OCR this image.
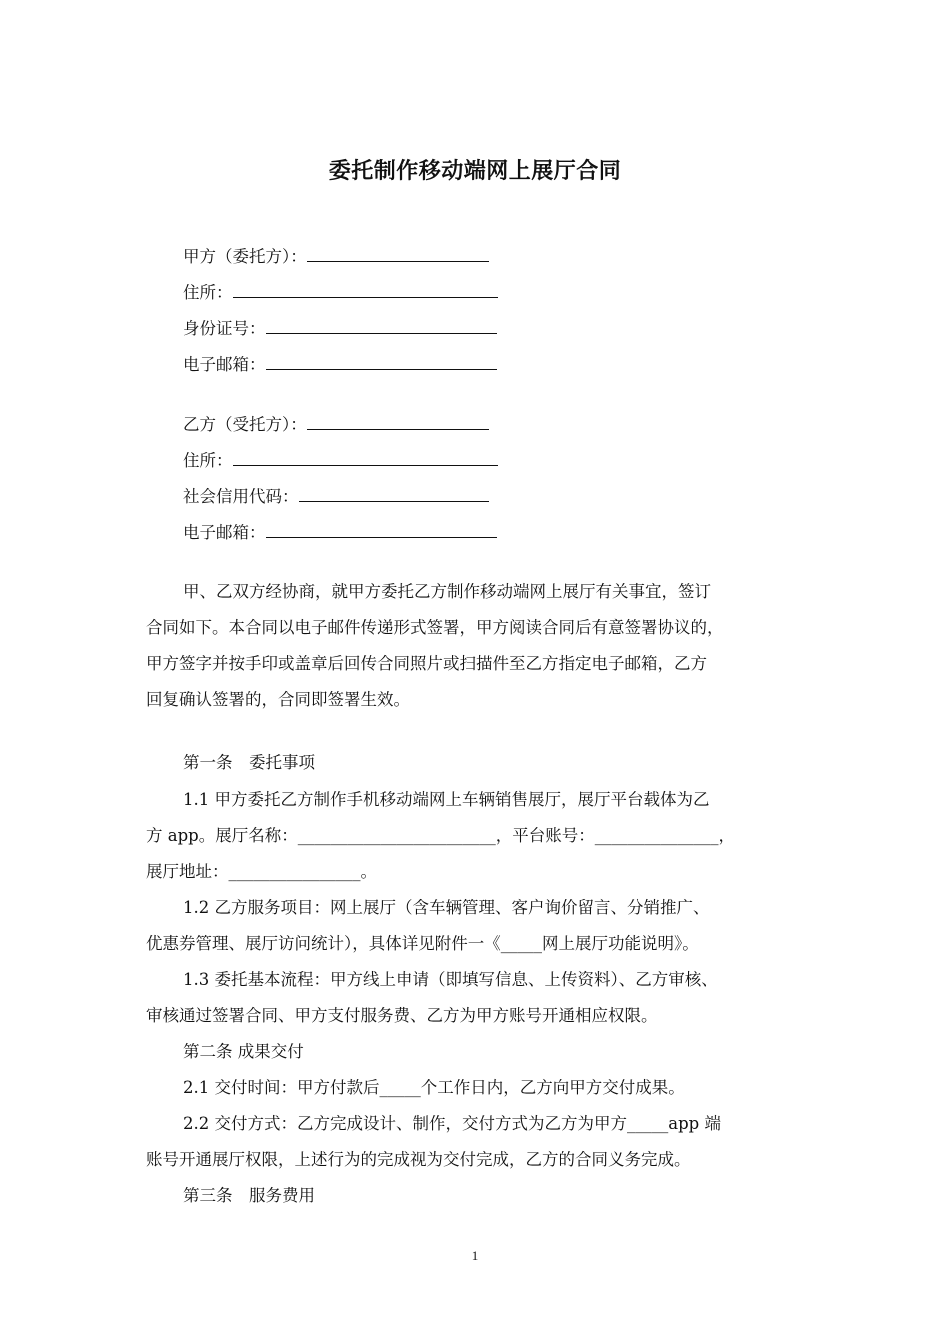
委托制作移动端网上展厅合同
甲方（委托方）：
住所：
身份证号：
电子邮箱：
乙方（受托方）：
住所：
社会信用代码：
电子邮箱：
甲、乙双方经协商，就甲方委托乙方制作移动端网上展厅有关事宜，签订
合同如下。本合同以电子邮件传递形式签署，甲方阅读合同后有意签署协议的，
甲方签字并按手印或盖章后回传合同照片或扫描件至乙方指定电子邮箱，乙方
回复确认签署的，合同即签署生效。
第一条　委托事项
1.1 甲方委托乙方制作手机移动端网上车辆销售展厅，展厅平台载体为乙
方 app。展厅名称：________________________，平台账号：_______________，
展厅地址：________________。
1.2 乙方服务项目：网上展厅（含车辆管理、客户询价留言、分销推广、
优惠券管理、展厅访问统计），具体详见附件一《_____网上展厅功能说明》。
1.3 委托基本流程：甲方线上申请（即填写信息、上传资料）、乙方审核、
审核通过签署合同、甲方支付服务费、乙方为甲方账号开通相应权限。
第二条 成果交付
2.1 交付时间：甲方付款后_____个工作日内，乙方向甲方交付成果。
2.2 交付方式：乙方完成设计、制作，交付方式为乙方为甲方_____app 端
账号开通展厅权限，上述行为的完成视为交付完成，乙方的合同义务完成。
第三条　服务费用
1
